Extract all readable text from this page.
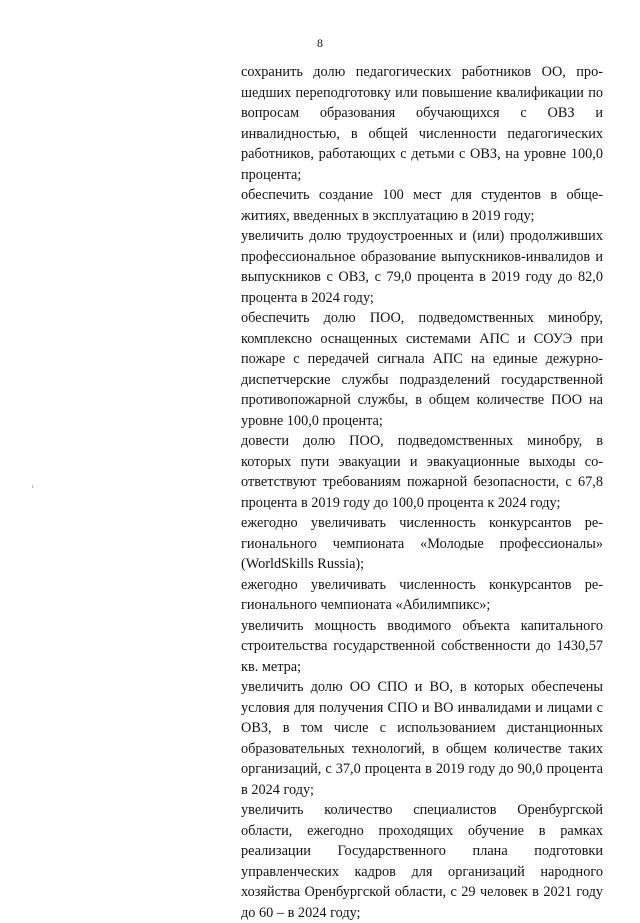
8

сохранить долю педагогических работников ОО, прошедших переподготовку или повышение квалификации по вопросам образования обучающихся с ОВЗ и инвалидностью, в общей численности педагогических работников, работающих с детьми с ОВЗ, на уровне 100,0 процента;

обеспечить создание 100 мест для студентов в общежитиях, введенных в эксплуатацию в 2019 году;

увеличить долю трудоустроенных и (или) продолживших профессиональное образование выпускников-инвалидов и выпускников с ОВЗ, с 79,0 процента в 2019 году до 82,0 процента в 2024 году;

обеспечить долю ПОО, подведомственных минобру, комплексно оснащенных системами АПС и СОУЭ при пожаре с передачей сигнала АПС на единые дежурно-диспетчерские службы подразделений государственной противопожарной службы, в общем количестве ПОО на уровне 100,0 процента;

довести долю ПОО, подведомственных минобру, в которых пути эвакуации и эвакуационные выходы соответствуют требованиям пожарной безопасности, с 67,8 процента в 2019 году до 100,0 процента к 2024 году;

ежегодно увеличивать численность конкурсантов регионального чемпионата «Молодые профессионалы» (WorldSkills Russia);

ежегодно увеличивать численность конкурсантов регионального чемпионата «Абилимпикс»;

увеличить мощность вводимого объекта капитального строительства государственной собственности до 1430,57 кв. метра;

увеличить долю ОО СПО и ВО, в которых обеспечены условия для получения СПО и ВО инвалидами и лицами с ОВЗ, в том числе с использованием дистанционных образовательных технологий, в общем количестве таких организаций, с 37,0 процента в 2019 году до 90,0 процента в 2024 году;

увеличить количество специалистов Оренбургской области, ежегодно проходящих обучение в рамках реализации Государственного плана подготовки управленческих кадров для организаций народного хозяйства Оренбургской области, с 29 человек в 2021 году до 60 – в 2024 году;
